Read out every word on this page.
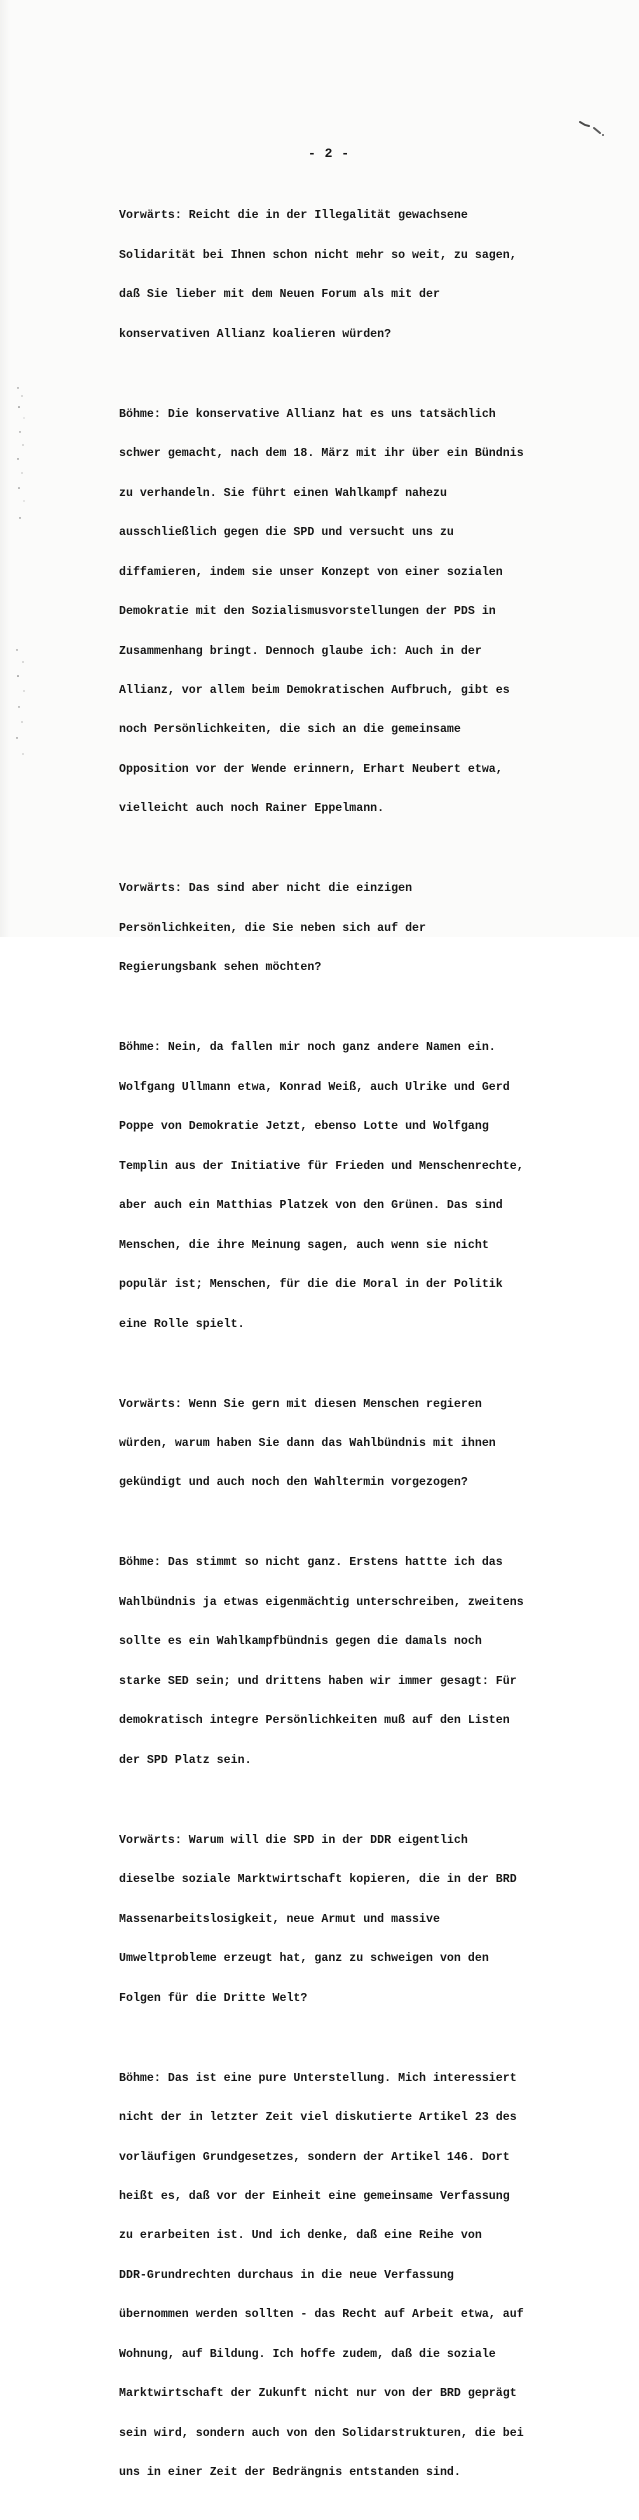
- 2 -

Vorwärts: Reicht die in der Illegalität gewachsene

Solidarität bei Ihnen schon nicht mehr so weit, zu sagen,

daß Sie lieber mit dem Neuen Forum als mit der

konservativen Allianz koalieren würden?

Böhme: Die konservative Allianz hat es uns tatsächlich

schwer gemacht, nach dem 18. März mit ihr über ein Bündnis

zu verhandeln. Sie führt einen Wahlkampf nahezu

ausschließlich gegen die SPD und versucht uns zu

diffamieren, indem sie unser Konzept von einer sozialen

Demokratie mit den Sozialismusvorstellungen der PDS in

Zusammenhang bringt. Dennoch glaube ich: Auch in der

Allianz, vor allem beim Demokratischen Aufbruch, gibt es

noch Persönlichkeiten, die sich an die gemeinsame

Opposition vor der Wende erinnern, Erhart Neubert etwa,

vielleicht auch noch Rainer Eppelmann.

Vorwärts: Das sind aber nicht die einzigen

Persönlichkeiten, die Sie neben sich auf der

Regierungsbank sehen möchten?

Böhme: Nein, da fallen mir noch ganz andere Namen ein.

Wolfgang Ullmann etwa, Konrad Weiß, auch Ulrike und Gerd

Poppe von Demokratie Jetzt, ebenso Lotte und Wolfgang

Templin aus der Initiative für Frieden und Menschenrechte,

aber auch ein Matthias Platzek von den Grünen. Das sind

Menschen, die ihre Meinung sagen, auch wenn sie nicht

populär ist; Menschen, für die die Moral in der Politik

eine Rolle spielt.

Vorwärts: Wenn Sie gern mit diesen Menschen regieren

würden, warum haben Sie dann das Wahlbündnis mit ihnen

gekündigt und auch noch den Wahltermin vorgezogen?

Böhme: Das stimmt so nicht ganz. Erstens hattte ich das

Wahlbündnis ja etwas eigenmächtig unterschreiben, zweitens

sollte es ein Wahlkampfbündnis gegen die damals noch

starke SED sein; und drittens haben wir immer gesagt: Für

demokratisch integre Persönlichkeiten muß auf den Listen

der SPD Platz sein.

Vorwärts: Warum will die SPD in der DDR eigentlich

dieselbe soziale Marktwirtschaft kopieren, die in der BRD

Massenarbeitslosigkeit, neue Armut und massive

Umweltprobleme erzeugt hat, ganz zu schweigen von den

Folgen für die Dritte Welt?

Böhme: Das ist eine pure Unterstellung. Mich interessiert

nicht der in letzter Zeit viel diskutierte Artikel 23 des

vorläufigen Grundgesetzes, sondern der Artikel 146. Dort

heißt es, daß vor der Einheit eine gemeinsame Verfassung

zu erarbeiten ist. Und ich denke, daß eine Reihe von

DDR-Grundrechten durchaus in die neue Verfassung

übernommen werden sollten - das Recht auf Arbeit etwa, auf

Wohnung, auf Bildung. Ich hoffe zudem, daß die soziale

Marktwirtschaft der Zukunft nicht nur von der BRD geprägt

sein wird, sondern auch von den Solidarstrukturen, die bei

uns in einer Zeit der Bedrängnis entstanden sind.
